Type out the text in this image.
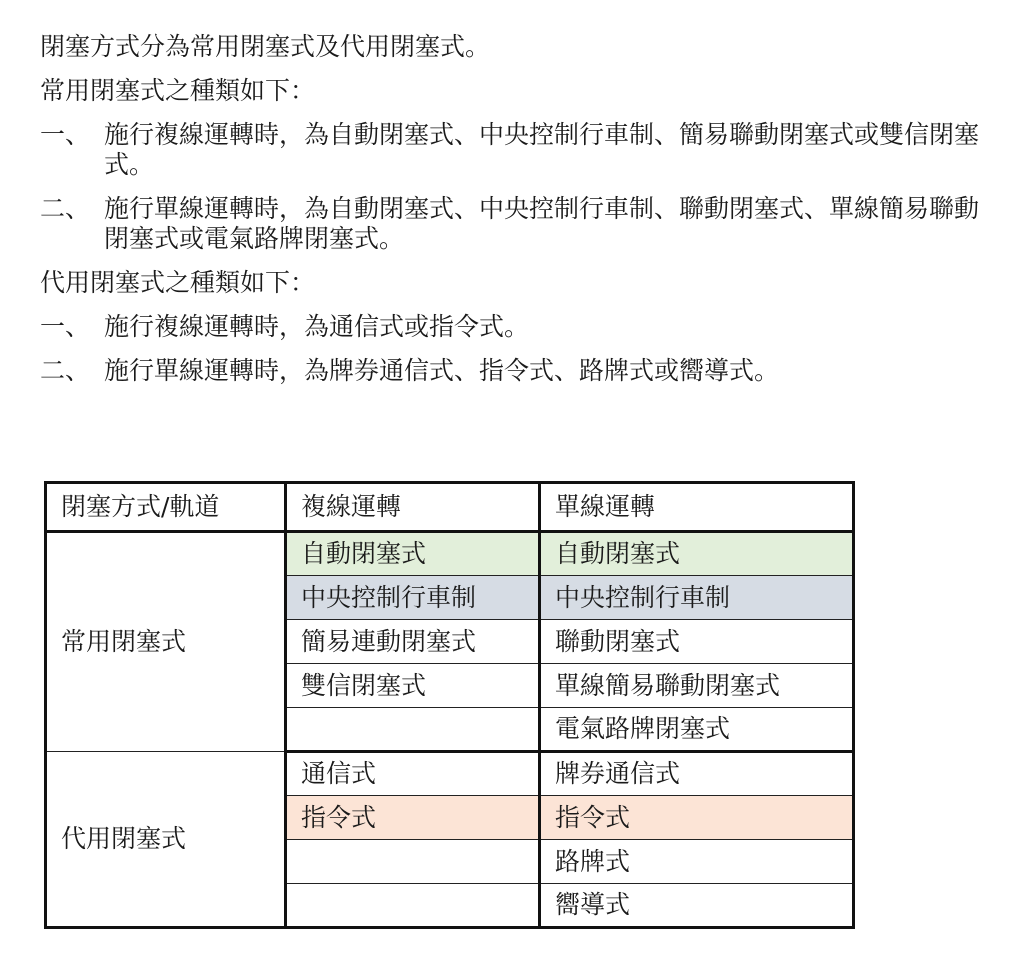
閉塞方式分為常用閉塞式及代用閉塞式。

常用閉塞式之種類如下：

一、 施行複線運轉時，為自動閉塞式、中央控制行車制、簡易聯動閉塞式或雙信閉塞式。

二、 施行單線運轉時，為自動閉塞式、中央控制行車制、聯動閉塞式、單線簡易聯動閉塞式或電氣路牌閉塞式。

代用閉塞式之種類如下：

一、 施行複線運轉時，為通信式或指令式。

二、 施行單線運轉時，為牌券通信式、指令式、路牌式或嚮導式。

閉塞方式/軌道	複線運轉	單線運轉
常用閉塞式	自動閉塞式	自動閉塞式
	中央控制行車制	中央控制行車制
	簡易連動閉塞式	聯動閉塞式
	雙信閉塞式	單線簡易聯動閉塞式
		電氣路牌閉塞式
代用閉塞式	通信式	牌券通信式
	指令式	指令式
		路牌式
		嚮導式
